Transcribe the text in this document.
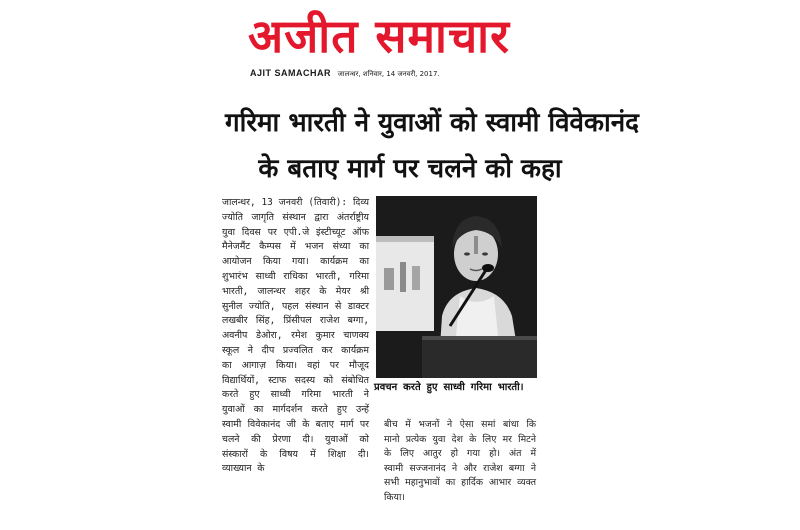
अजीत समाचार
AJIT SAMACHAR जालन्धर, शनिवार, 14 जनवरी, 2017.
गरिमा भारती ने युवाओं को स्वामी विवेकानंद
के बताए मार्ग पर चलने को कहा

जालन्धर, 13 जनवरी (तिवारी): दिव्य ज्योति जागृति संस्थान द्वारा अंतर्राष्ट्रीय युवा दिवस पर एपी.जे इंस्टीच्यूट ऑफ मैनेजमैंट कैम्पस में भजन संध्या का आयोजन किया गया। कार्यक्रम का शुभारंभ साध्वी राधिका भारती, गरिमा भारती, जालन्धर शहर के मेयर श्री सुनील ज्योति, पहल संस्थान से डाक्टर लखबीर सिंह, प्रिंसीपल राजेश बग्गा, अवनीप डेओरा, रमेश कुमार चाणक्य स्कूल ने दीप प्रज्वलित कर कार्यक्रम का आगाज़ किया। वहां पर मौजूद विद्यार्थियों, स्टाफ सदस्य को संबोधित करते हुए साध्वी गरिमा भारती ने युवाओं का मार्गदर्शन करते हुए उन्हें स्वामी विवेकानंद जी के बताए मार्ग पर चलने की प्रेरणा दी। युवाओं को संस्कारों के विषय में शिक्षा दी। व्याख्यान के

प्रवचन करते हुए साध्वी गरिमा भारती।

बीच में भजनों ने ऐसा समां बांधा कि मानो प्रत्येक युवा देश के लिए मर मिटने के लिए आतुर हो गया हो। अंत में स्वामी सज्जनानंद ने और राजेश बग्गा ने सभी महानुभावों का हार्दिक आभार व्यक्त किया।
